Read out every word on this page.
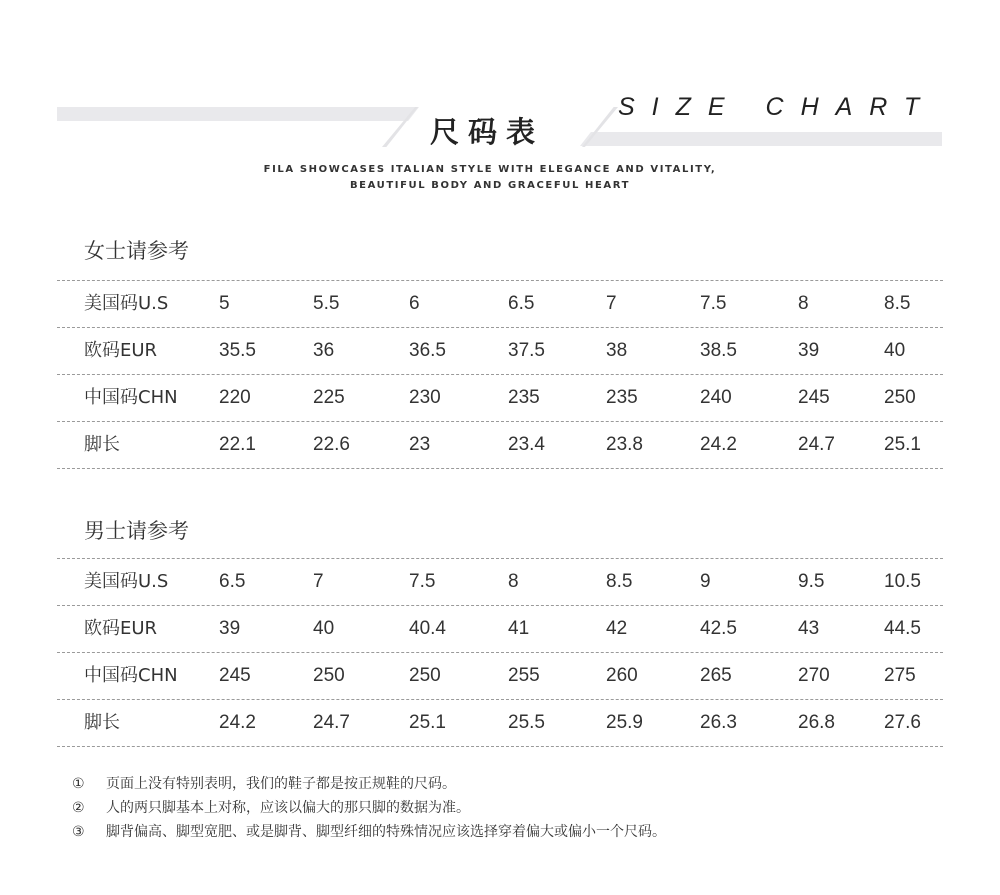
尺码表
SIZE CHART
FILA SHOWCASES ITALIAN STYLE WITH ELEGANCE AND VITALITY,
BEAUTIFUL BODY AND GRACEFUL HEART
女士请参考
美国码U.S	5	5.5	6	6.5	7	7.5	8	8.5
欧码EUR	35.5	36	36.5	37.5	38	38.5	39	40
中国码CHN 220	225	230	235	235	240	245	250
脚长	22.1	22.6	23	23.4	23.8	24.2	24.7	25.1
男士请参考
美国码U.S	6.5	7	7.5	8	8.5	9	9.5	10.5
欧码EUR	39	40	40.4	41	42	42.5	43	44.5
中国码CHN 245	250	250	255	260	265	270	275
脚长	24.2	24.7	25.1	25.5	25.9	26.3	26.8	27.6
① 页面上没有特别表明，我们的鞋子都是按正规鞋的尺码。
② 人的两只脚基本上对称，应该以偏大的那只脚的数据为准。
③ 脚背偏高、脚型宽肥、或是脚背、脚型纤细的特殊情况应该选择穿着偏大或偏小一个尺码。
